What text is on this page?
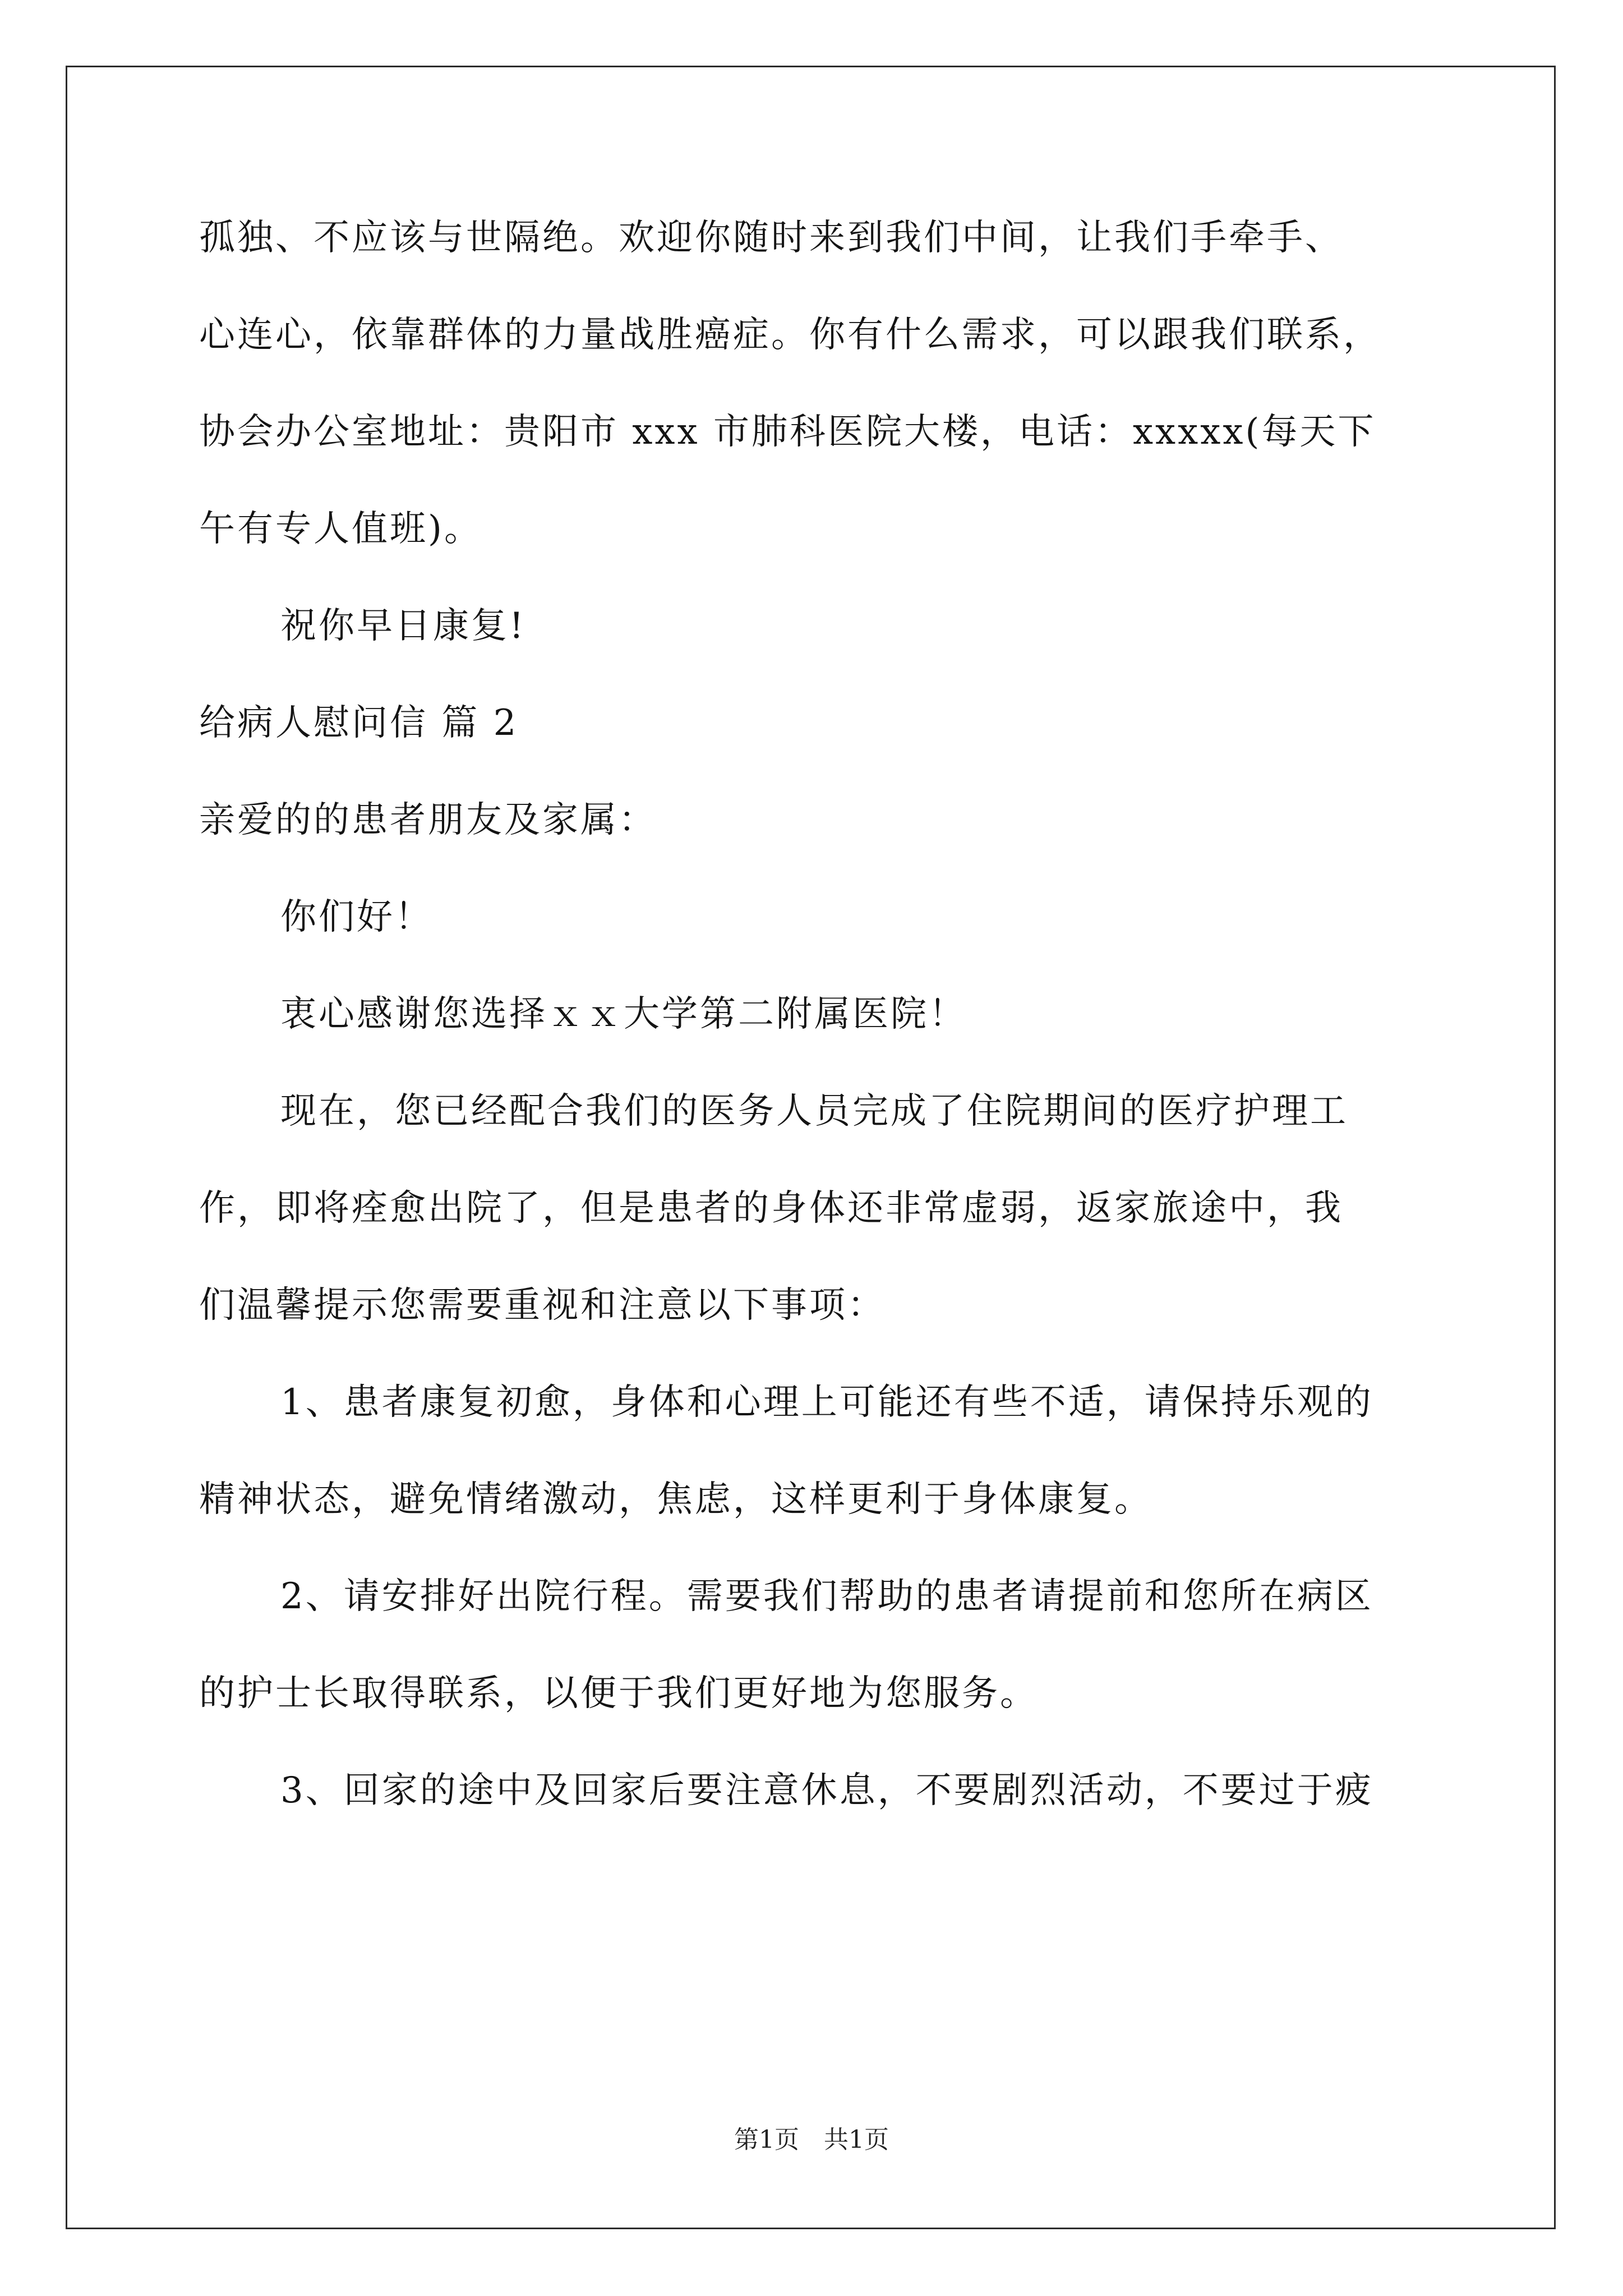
孤独、不应该与世隔绝。欢迎你随时来到我们中间，让我们手牵手、
心连心，依靠群体的力量战胜癌症。你有什么需求，可以跟我们联系，
协会办公室地址：贵阳市 xxx 市肺科医院大楼，电话：xxxxx(每天下
午有专人值班)。
祝你早日康复!
给病人慰问信 篇 2
亲爱的的患者朋友及家属：
你们好！
衷心感谢您选择ｘｘ大学第二附属医院！
现在，您已经配合我们的医务人员完成了住院期间的医疗护理工
作，即将痊愈出院了，但是患者的身体还非常虚弱，返家旅途中，我
们温馨提示您需要重视和注意以下事项：
1、患者康复初愈，身体和心理上可能还有些不适，请保持乐观的
精神状态，避免情绪激动，焦虑，这样更利于身体康复。
2、请安排好出院行程。需要我们帮助的患者请提前和您所在病区
的护士长取得联系，以便于我们更好地为您服务。
3、回家的途中及回家后要注意休息，不要剧烈活动，不要过于疲
第1页　共1页
